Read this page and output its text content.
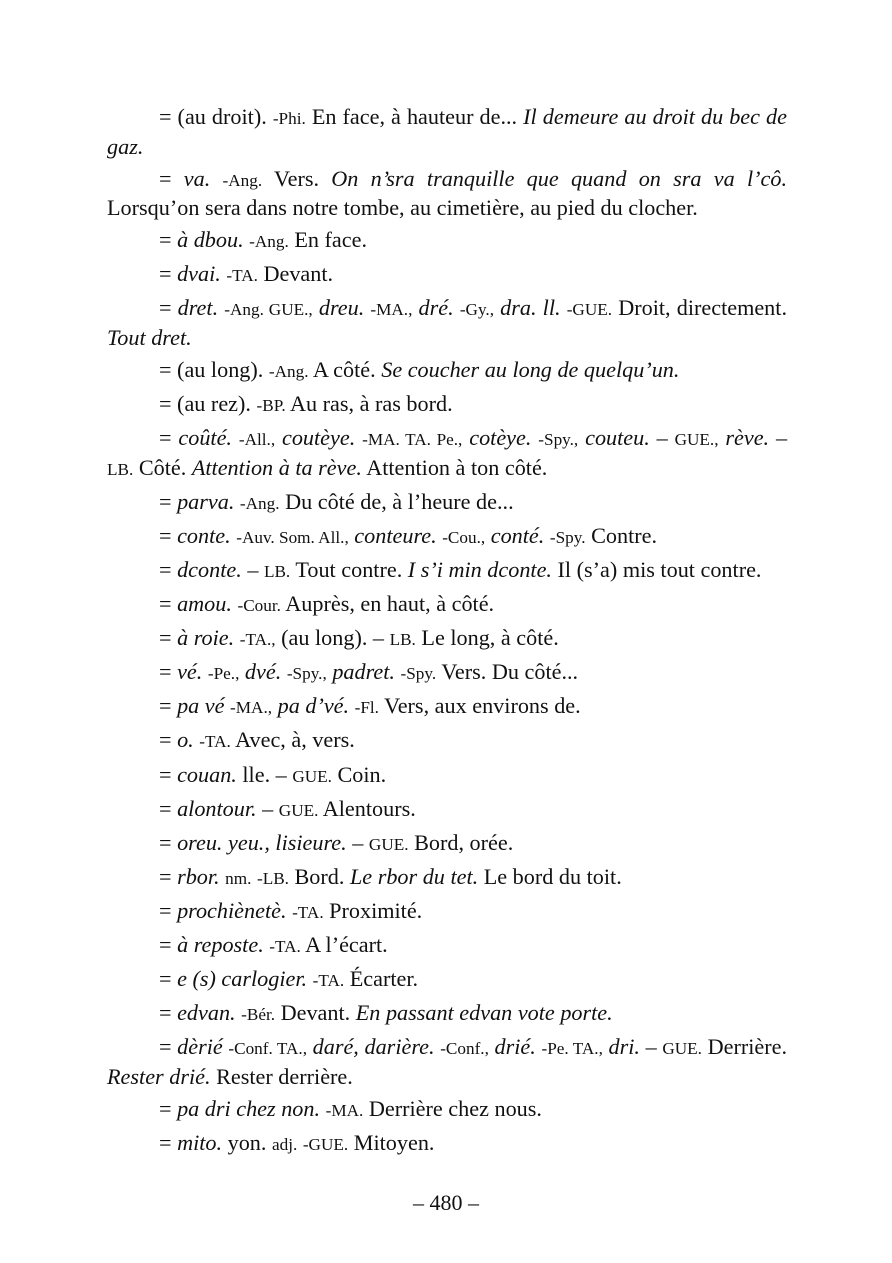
= (au droit). -Phi. En face, à hauteur de... Il demeure au droit du bec de gaz.

= va. -Ang. Vers. On n’sra tranquille que quand on sra va l’cô. Lorsqu’on sera dans notre tombe, au cimetière, au pied du clocher.

= à dbou. -Ang. En face.

= dvai. -TA. Devant.

= dret. -Ang. GUE., dreu. -MA., dré. -Gy., dra. ll. -GUE. Droit, directement. Tout dret.

= (au long). -Ang. A côté. Se coucher au long de quelqu’un.

= (au rez). -BP. Au ras, à ras bord.

= coûté. -All., coutèye. -MA. TA. Pe., cotèye. -Spy., couteu. – GUE., rève. – LB. Côté. Attention à ta rève. Attention à ton côté.

= parva. -Ang. Du côté de, à l’heure de...

= conte. -Auv. Som. All., conteure. -Cou., conté. -Spy. Contre.

= dconte. – LB. Tout contre. I s’i min dconte. Il (s’a) mis tout contre.

= amou. -Cour. Auprès, en haut, à côté.

= à roie. -TA., (au long). – LB. Le long, à côté.

= vé. -Pe., dvé. -Spy., padret. -Spy. Vers. Du côté...

= pa vé -MA., pa d’vé. -Fl. Vers, aux environs de.

= o. -TA. Avec, à, vers.

= couan. lle. – GUE. Coin.

= alontour. – GUE. Alentours.

= oreu. yeu., lisieure. – GUE. Bord, orée.

= rbor. nm. -LB. Bord. Le rbor du tet. Le bord du toit.

= prochiènetè. -TA. Proximité.

= à reposte. -TA. A l’écart.

= e (s) carlogier. -TA. Écarter.

= edvan. -Bér. Devant. En passant edvan vote porte.

= dèrié -Conf. TA., daré, darière. -Conf., drié. -Pe. TA., dri. – GUE. Derrière. Rester drié. Rester derrière.

= pa dri chez non. -MA. Derrière chez nous.

= mito. yon. adj. -GUE. Mitoyen.

– 480 –
